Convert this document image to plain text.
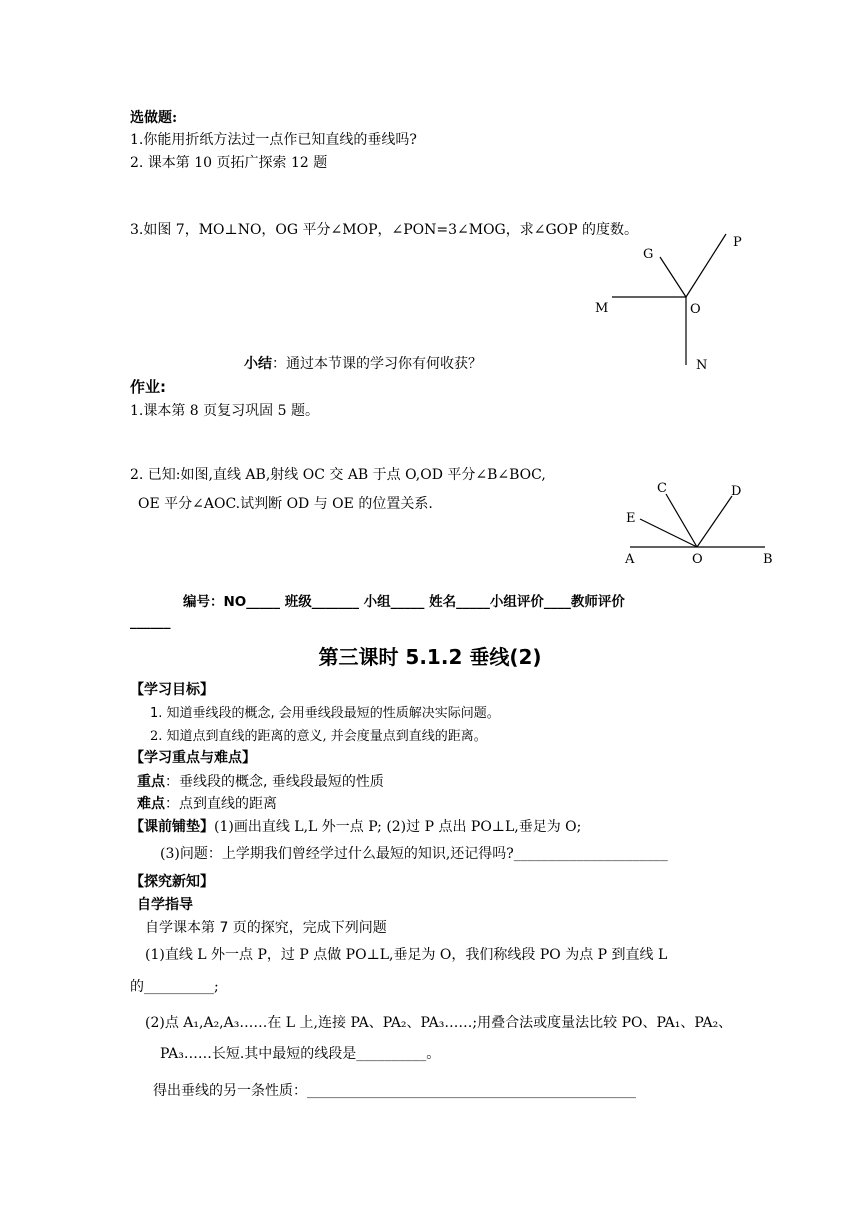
选做题:
1.你能用折纸方法过一点作已知直线的垂线吗?
2. 课本第 10 页拓广探索 12 题
3.如图 7，MO⊥NO，OG 平分∠MOP，∠PON=3∠MOG，求∠GOP 的度数。
G
P
M	O
N
小结：通过本节课的学习你有何收获？
作业:
1.课本第 8 页复习巩固 5 题。
2. 已知:如图,直线 AB,射线 OC 交 AB 于点 O,OD 平分∠B∠BOC,
OE 平分∠AOC.试判断 OD 与 OE 的位置关系.
C	D
E
A	O	B
编号：NO_____ 班级_______ 小组_____ 姓名_____小组评价____教师评价
______
第三课时 5.1.2 垂线(2)
【学习目标】
1. 知道垂线段的概念, 会用垂线段最短的性质解决实际问题。
2. 知道点到直线的距离的意义, 并会度量点到直线的距离。
【学习重点与难点】
重点：垂线段的概念, 垂线段最短的性质
难点：点到直线的距离
【课前铺垫】(1)画出直线 L,L 外一点 P; (2)过 P 点出 PO⊥L,垂足为 O;
(3)问题：上学期我们曾经学过什么最短的知识,还记得吗?______________________
【探究新知】
自学指导
自学课本第 7 页的探究，完成下列问题
(1)直线 L 外一点 P，过 P 点做 PO⊥L,垂足为 O，我们称线段 PO 为点 P 到直线 L
的__________;
(2)点 A₁,A₂,A₃……在 L 上,连接 PA、PA₂、PA₃……;用叠合法或度量法比较 PO、PA₁、PA₂、
PA₃……长短.其中最短的线段是__________。
得出垂线的另一条性质：_______________________________________________
